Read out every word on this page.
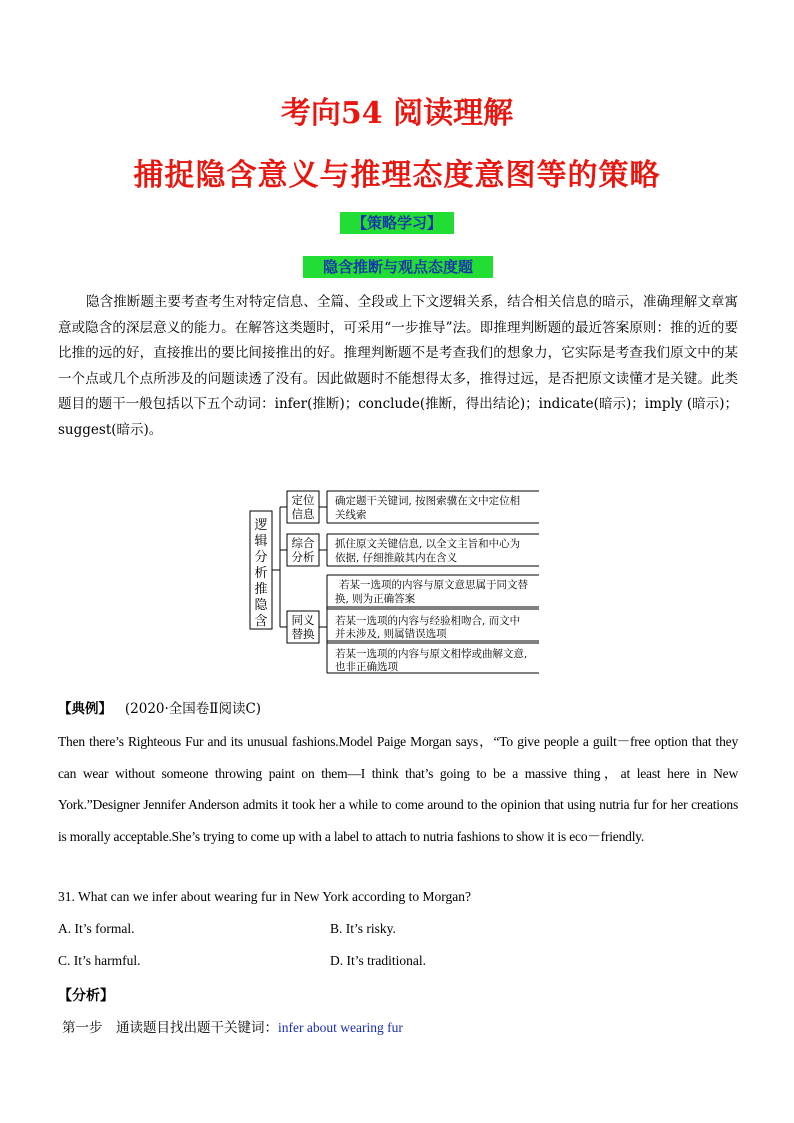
考向54 阅读理解
捕捉隐含意义与推理态度意图等的策略
【策略学习】
隐含推断与观点态度题
隐含推断题主要考查考生对特定信息、全篇、全段或上下文逻辑关系，结合相关信息的暗示，准确理解文章寓意或隐含的深层意义的能力。在解答这类题时，可采用“一步推导”法。即推理判断题的最近答案原则：推的近的要比推的远的好，直接推出的要比间接推出的好。推理判断题不是考查我们的想象力，它实际是考查我们原文中的某一个点或几个点所涉及的问题读透了没有。因此做题时不能想得太多，推得过远，是否把原文读懂才是关键。此类题目的题干一般包括以下五个动词：infer(推断)；conclude(推断，得出结论)；indicate(暗示)；imply (暗示)；suggest(暗示)。
逻
辑
分
析
推
隐
含
定位
信息
确定题干关键词, 按图索骥在文中定位相
关线索
综合
分析
抓住原文关键信息, 以全文主旨和中心为
依据, 仔细推敲其内在含义
同义
替换
若某一选项的内容与原文意思属于同文替
换, 则为正确答案
若某一选项的内容与经验相吻合, 而文中
并未涉及, 则属错误选项
若某一选项的内容与原文相悖或曲解文意,
也非正确选项
【典例】 (2020·全国卷Ⅱ阅读C)
Then there’s Righteous Fur and its unusual fashions.Model Paige Morgan says，“To give people a guilt－free option that they can wear without someone throwing paint on them—I think that’s going to be a massive thing，at least here in New York.”Designer Jennifer Anderson admits it took her a while to come around to the opinion that using nutria fur for her creations is morally acceptable.She’s trying to come up with a label to attach to nutria fashions to show it is eco－friendly.
31. What can we infer about wearing fur in New York according to Morgan?
A. It’s formal.	B. It’s risky.
C. It’s harmful.	D. It’s traditional.
【分析】
第一步　通读题目找出题干关键词：infer about wearing fur
